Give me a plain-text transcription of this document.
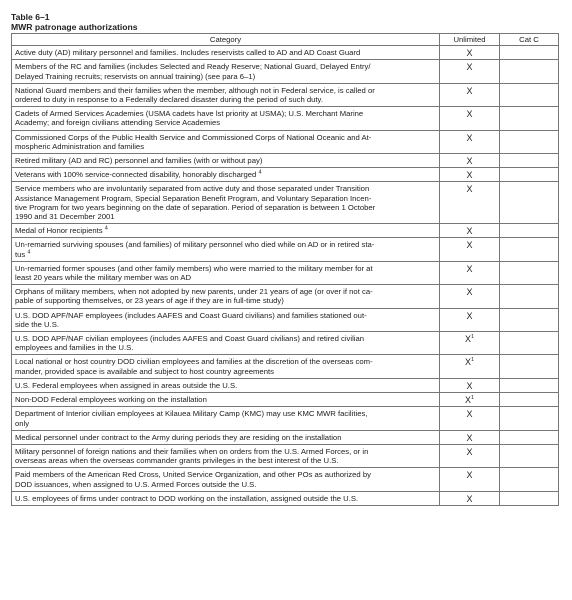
Table 6–1
MWR patronage authorizations
Category	Unlimited	Cat C
Active duty (AD) military personnel and families. Includes reservists called to AD and AD Coast Guard	X	
Members of the RC and families (includes Selected and Ready Reserve; National Guard, Delayed Entry/
Delayed Training recruits; reservists on annual training) (see para 6–1)	X	
National Guard members and their families when the member, although not in Federal service, is called or
ordered to duty in response to a Federally declared disaster during the period of such duty.	X	
Cadets of Armed Services Academies (USMA cadets have lst priority at USMA); U.S. Merchant Marine
Academy; and foreign civilians attending Service Academies	X	
Commissioned Corps of the Public Health Service and Commissioned Corps of National Oceanic and At-
mospheric Administration and families	X	
Retired military (AD and RC) personnel and families (with or without pay)	X	
Veterans with 100% service-connected disability, honorably discharged $^4$	X	
Service members who are involuntarily separated from active duty and those separated under Transition
Assistance Management Program, Special Separation Benefit Program, and Voluntary Separation Incen-
tive Program for two years beginning on the date of separation. Period of separation is between 1 October
1990 and 31 December 2001	X	
Medal of Honor recipients $^4$	X	
Un-remarried surviving spouses (and families) of military personnel who died while on AD or in retired sta-
tus $^4$	X	
Un-remarried former spouses (and other family members) who were married to the military member for at
least 20 years while the military member was on AD	X	
Orphans of military members, when not adopted by new parents, under 21 years of age (or over if not ca-
pable of supporting themselves, or 23 years of age if they are in full-time study)	X	
U.S. DOD APF/NAF employees (includes AAFES and Coast Guard civilians) and families stationed out-
side the U.S.	X	
U.S. DOD APF/NAF civilian employees (includes AAFES and Coast Guard civilians) and retired civilian
employees and families in the U.S.	$X^1$	
Local national or host country DOD civilian employees and families at the discretion of the overseas com-
mander, provided space is available and subject to host country agreements	$X^1$	
U.S. Federal employees when assigned in areas outside the U.S.	X	
Non-DOD Federal employees working on the installation	$X^1$	
Department of Interior civilian employees at Kilauea Military Camp (KMC) may use KMC MWR facilities,
only	X	
Medical personnel under contract to the Army during periods they are residing on the installation	X	
Military personnel of foreign nations and their families when on orders from the U.S. Armed Forces, or in
overseas areas when the overseas commander grants privileges in the best interest of the U.S.	X	
Paid members of the American Red Cross, United Service Organization, and other POs as authorized by
DOD issuances, when assigned to U.S. Armed Forces outside the U.S.	X	
U.S. employees of firms under contract to DOD working on the installation, assigned outside the U.S.	X	
